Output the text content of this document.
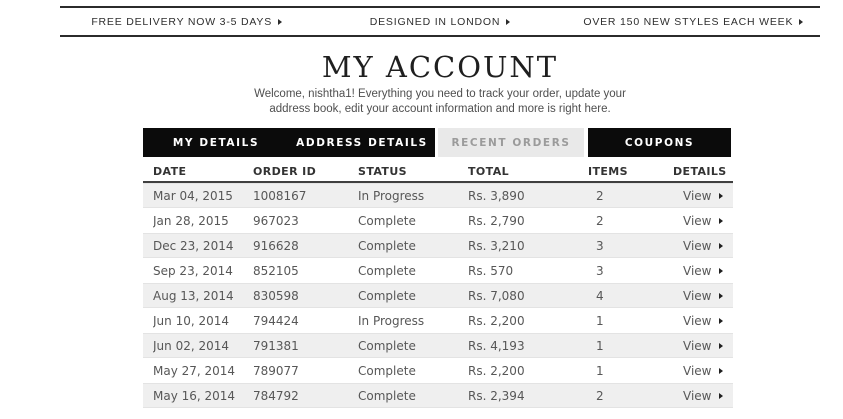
FREE DELIVERY NOW 3-5 DAYS	DESIGNED IN LONDON	OVER 150 NEW STYLES EACH WEEK
MY ACCOUNT
Welcome, nishtha1! Everything you need to track your order, update your
address book, edit your account information and more is right here.
MY DETAILS	ADDRESS DETAILS	RECENT ORDERS	COUPONS
DATE	ORDER ID	STATUS	TOTAL	ITEMS	DETAILS
Mar 04, 2015	1008167	In Progress	Rs. 3,890	2	View
Jan 28, 2015	967023	Complete	Rs. 2,790	2	View
Dec 23, 2014	916628	Complete	Rs. 3,210	3	View
Sep 23, 2014	852105	Complete	Rs. 570	3	View
Aug 13, 2014	830598	Complete	Rs. 7,080	4	View
Jun 10, 2014	794424	In Progress	Rs. 2,200	1	View
Jun 02, 2014	791381	Complete	Rs. 4,193	1	View
May 27, 2014	789077	Complete	Rs. 2,200	1	View
May 16, 2014	784792	Complete	Rs. 2,394	2	View
